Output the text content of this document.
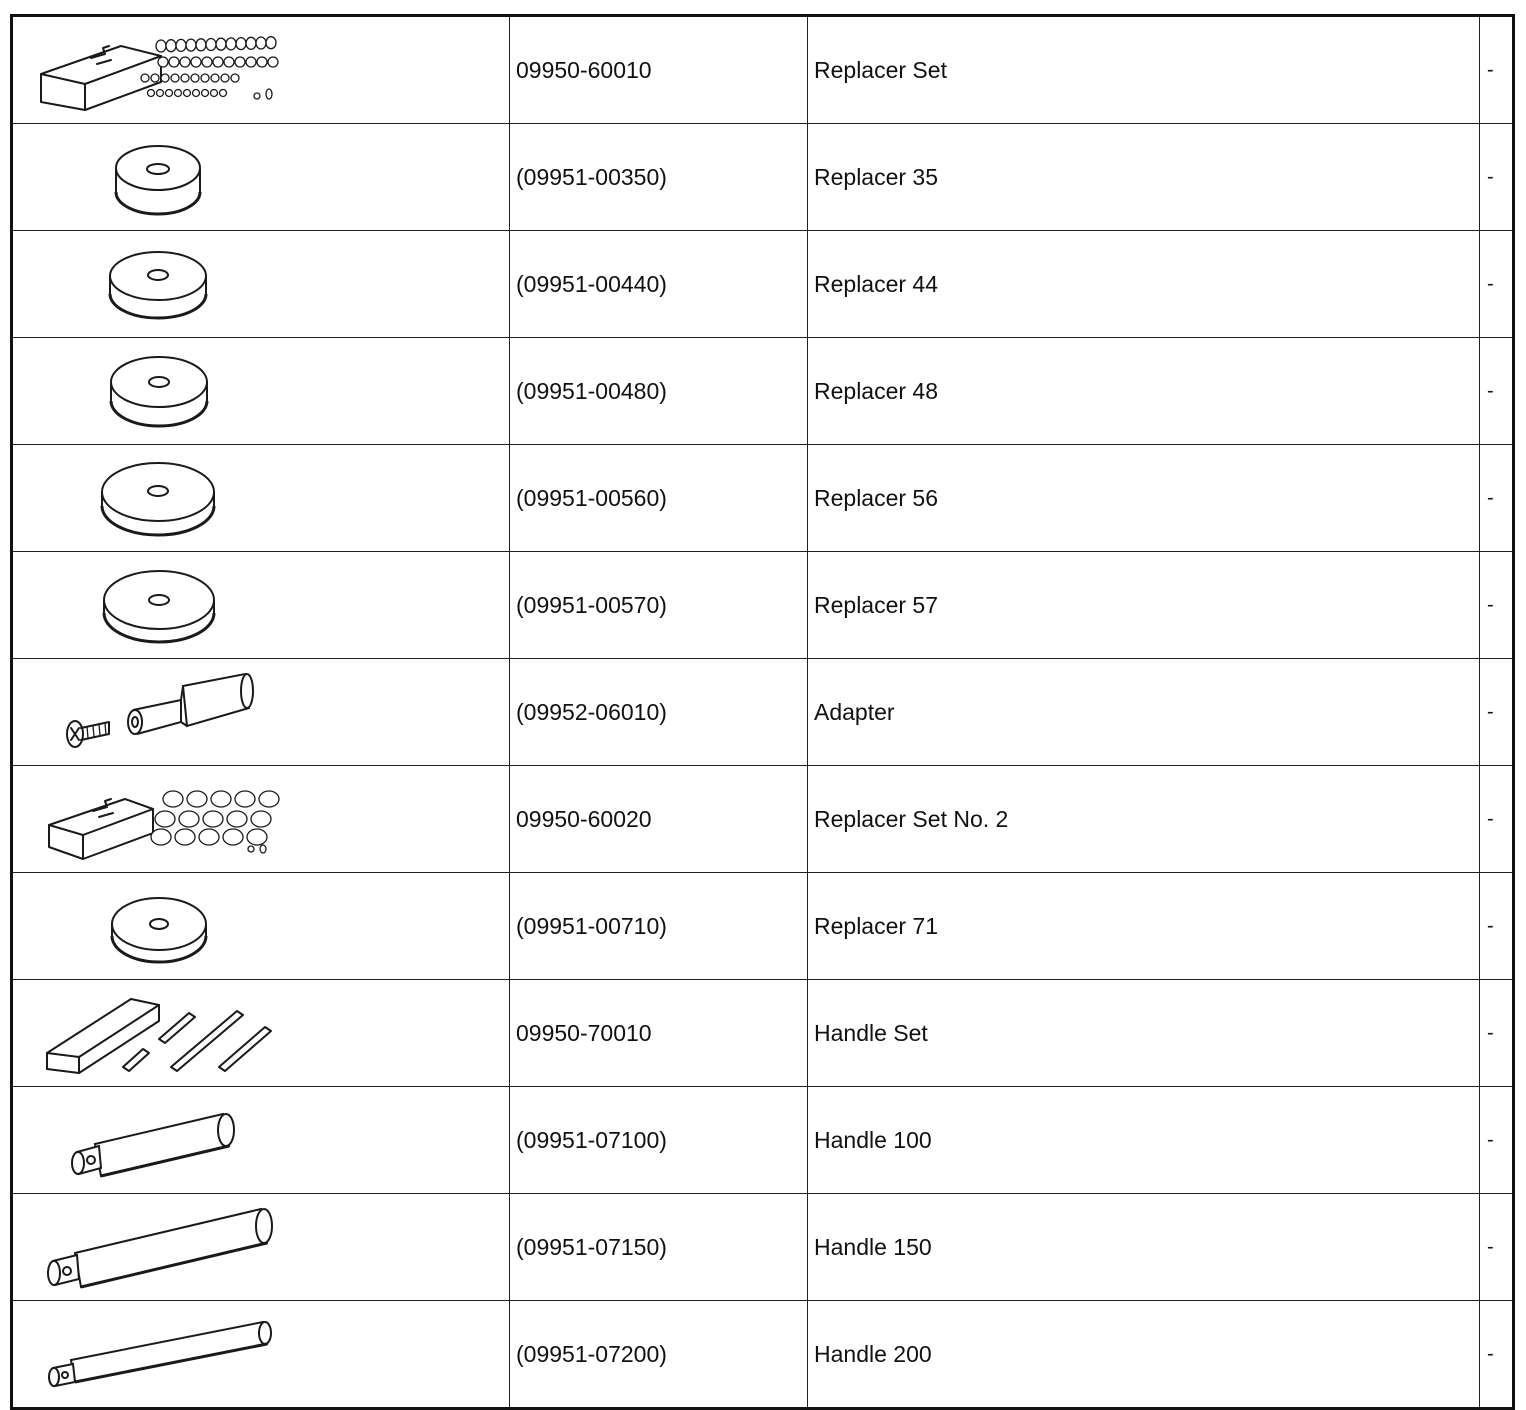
	09950-60010	Replacer Set	-

	(09951-00350)	Replacer 35	-

	(09951-00440)	Replacer 44	-

	(09951-00480)	Replacer 48	-

	(09951-00560)	Replacer 56	-

	(09951-00570)	Replacer 57	-

	(09952-06010)	Adapter	-

	09950-60020	Replacer Set No. 2	-

	(09951-00710)	Replacer 71	-

	09950-70010	Handle Set	-

	(09951-07100)	Handle 100	-

	(09951-07150)	Handle 150	-

	(09951-07200)	Handle 200	-
